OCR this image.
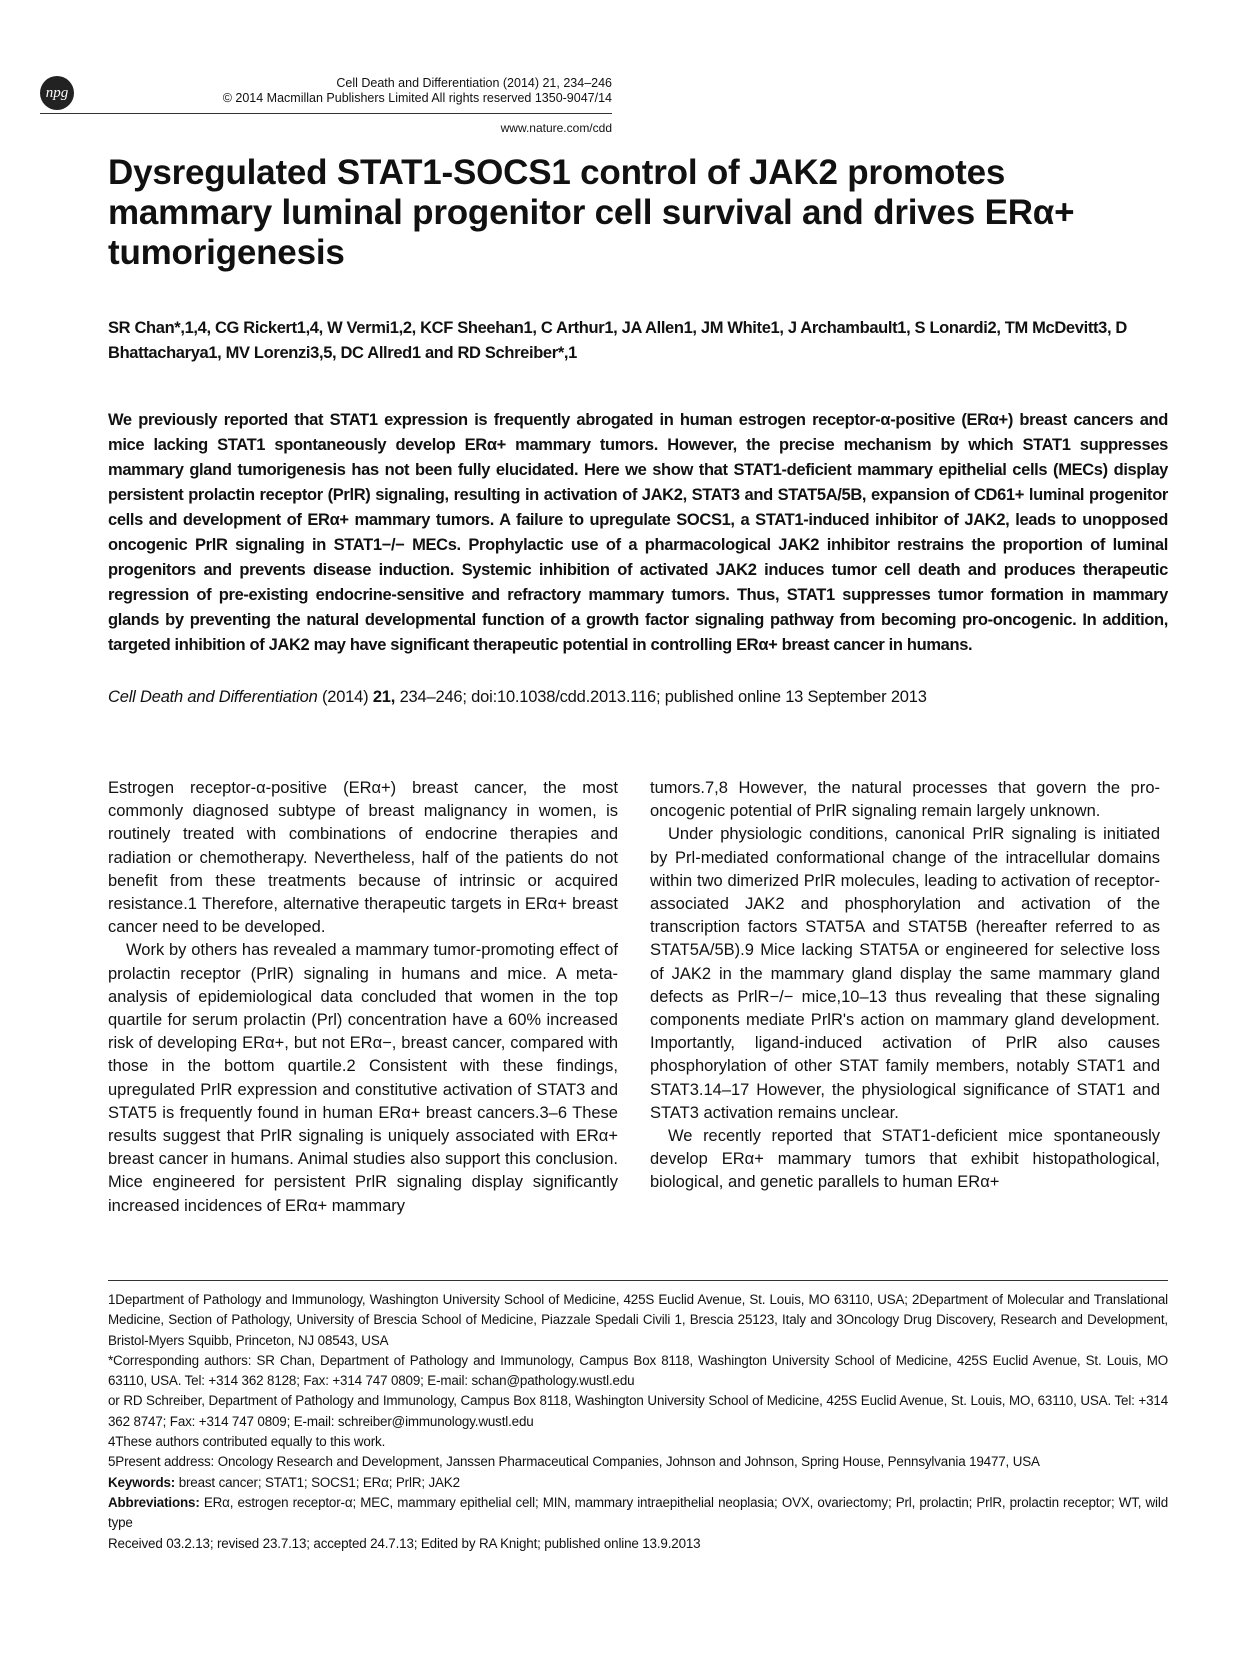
npg
Cell Death and Differentiation (2014) 21, 234–246
© 2014 Macmillan Publishers Limited All rights reserved 1350-9047/14
www.nature.com/cdd
Dysregulated STAT1-SOCS1 control of JAK2 promotes mammary luminal progenitor cell survival and drives ERα+ tumorigenesis
SR Chan*,1,4, CG Rickert1,4, W Vermi1,2, KCF Sheehan1, C Arthur1, JA Allen1, JM White1, J Archambault1, S Lonardi2, TM McDevitt3, D Bhattacharya1, MV Lorenzi3,5, DC Allred1 and RD Schreiber*,1
We previously reported that STAT1 expression is frequently abrogated in human estrogen receptor-α-positive (ERα+) breast cancers and mice lacking STAT1 spontaneously develop ERα+ mammary tumors. However, the precise mechanism by which STAT1 suppresses mammary gland tumorigenesis has not been fully elucidated. Here we show that STAT1-deficient mammary epithelial cells (MECs) display persistent prolactin receptor (PrlR) signaling, resulting in activation of JAK2, STAT3 and STAT5A/5B, expansion of CD61+ luminal progenitor cells and development of ERα+ mammary tumors. A failure to upregulate SOCS1, a STAT1-induced inhibitor of JAK2, leads to unopposed oncogenic PrlR signaling in STAT1−/− MECs. Prophylactic use of a pharmacological JAK2 inhibitor restrains the proportion of luminal progenitors and prevents disease induction. Systemic inhibition of activated JAK2 induces tumor cell death and produces therapeutic regression of pre-existing endocrine-sensitive and refractory mammary tumors. Thus, STAT1 suppresses tumor formation in mammary glands by preventing the natural developmental function of a growth factor signaling pathway from becoming pro-oncogenic. In addition, targeted inhibition of JAK2 may have significant therapeutic potential in controlling ERα+ breast cancer in humans.
Cell Death and Differentiation (2014) 21, 234–246; doi:10.1038/cdd.2013.116; published online 13 September 2013

Estrogen receptor-α-positive (ERα+) breast cancer, the most commonly diagnosed subtype of breast malignancy in women, is routinely treated with combinations of endocrine therapies and radiation or chemotherapy. Nevertheless, half of the patients do not benefit from these treatments because of intrinsic or acquired resistance.1 Therefore, alternative therapeutic targets in ERα+ breast cancer need to be developed.

Work by others has revealed a mammary tumor-promoting effect of prolactin receptor (PrlR) signaling in humans and mice. A meta-analysis of epidemiological data concluded that women in the top quartile for serum prolactin (Prl) concentration have a 60% increased risk of developing ERα+, but not ERα−, breast cancer, compared with those in the bottom quartile.2 Consistent with these findings, upregulated PrlR expression and constitutive activation of STAT3 and STAT5 is frequently found in human ERα+ breast cancers.3–6 These results suggest that PrlR signaling is uniquely associated with ERα+ breast cancer in humans. Animal studies also support this conclusion. Mice engineered for persistent PrlR signaling display significantly increased incidences of ERα+ mammary

tumors.7,8 However, the natural processes that govern the pro-oncogenic potential of PrlR signaling remain largely unknown.

Under physiologic conditions, canonical PrlR signaling is initiated by Prl-mediated conformational change of the intracellular domains within two dimerized PrlR molecules, leading to activation of receptor-associated JAK2 and phosphorylation and activation of the transcription factors STAT5A and STAT5B (hereafter referred to as STAT5A/5B).9 Mice lacking STAT5A or engineered for selective loss of JAK2 in the mammary gland display the same mammary gland defects as PrlR−/− mice,10–13 thus revealing that these signaling components mediate PrlR's action on mammary gland development. Importantly, ligand-induced activation of PrlR also causes phosphorylation of other STAT family members, notably STAT1 and STAT3.14–17 However, the physiological significance of STAT1 and STAT3 activation remains unclear.

We recently reported that STAT1-deficient mice spontaneously develop ERα+ mammary tumors that exhibit histopathological, biological, and genetic parallels to human ERα+

1Department of Pathology and Immunology, Washington University School of Medicine, 425S Euclid Avenue, St. Louis, MO 63110, USA; 2Department of Molecular and Translational Medicine, Section of Pathology, University of Brescia School of Medicine, Piazzale Spedali Civili 1, Brescia 25123, Italy and 3Oncology Drug Discovery, Research and Development, Bristol-Myers Squibb, Princeton, NJ 08543, USA

*Corresponding authors: SR Chan, Department of Pathology and Immunology, Campus Box 8118, Washington University School of Medicine, 425S Euclid Avenue, St. Louis, MO 63110, USA. Tel: +314 362 8128; Fax: +314 747 0809; E-mail: schan@pathology.wustl.edu

or RD Schreiber, Department of Pathology and Immunology, Campus Box 8118, Washington University School of Medicine, 425S Euclid Avenue, St. Louis, MO, 63110, USA. Tel: +314 362 8747; Fax: +314 747 0809; E-mail: schreiber@immunology.wustl.edu

4These authors contributed equally to this work.

5Present address: Oncology Research and Development, Janssen Pharmaceutical Companies, Johnson and Johnson, Spring House, Pennsylvania 19477, USA

Keywords: breast cancer; STAT1; SOCS1; ERα; PrlR; JAK2

Abbreviations: ERα, estrogen receptor-α; MEC, mammary epithelial cell; MIN, mammary intraepithelial neoplasia; OVX, ovariectomy; Prl, prolactin; PrlR, prolactin receptor; WT, wild type

Received 03.2.13; revised 23.7.13; accepted 24.7.13; Edited by RA Knight; published online 13.9.2013
